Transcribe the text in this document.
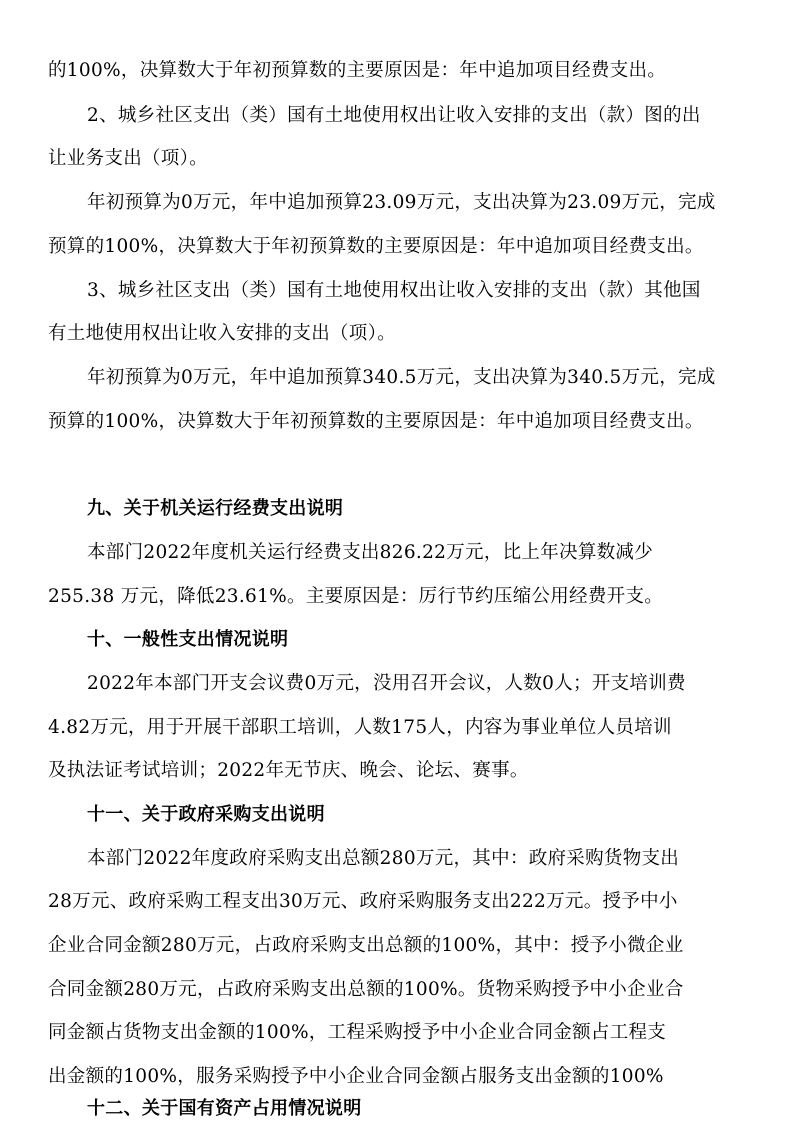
的100%，决算数大于年初预算数的主要原因是：年中追加项目经费支出。
2、城乡社区支出（类）国有土地使用权出让收入安排的支出（款）图的出
让业务支出（项）。
年初预算为0万元，年中追加预算23.09万元，支出决算为23.09万元，完成
预算的100%，决算数大于年初预算数的主要原因是：年中追加项目经费支出。
3、城乡社区支出（类）国有土地使用权出让收入安排的支出（款）其他国
有土地使用权出让收入安排的支出（项）。
年初预算为0万元，年中追加预算340.5万元，支出决算为340.5万元，完成
预算的100%，决算数大于年初预算数的主要原因是：年中追加项目经费支出。
九、关于机关运行经费支出说明
本部门2022年度机关运行经费支出826.22万元，比上年决算数减少
255.38 万元，降低23.61%。主要原因是：厉行节约压缩公用经费开支。
十、一般性支出情况说明
2022年本部门开支会议费0万元，没用召开会议，人数0人；开支培训费
4.82万元，用于开展干部职工培训，人数175人，内容为事业单位人员培训
及执法证考试培训；2022年无节庆、晚会、论坛、赛事。
十一、关于政府采购支出说明
本部门2022年度政府采购支出总额280万元，其中：政府采购货物支出
28万元、政府采购工程支出30万元、政府采购服务支出222万元。授予中小
企业合同金额280万元，占政府采购支出总额的100%，其中：授予小微企业
合同金额280万元，占政府采购支出总额的100%。货物采购授予中小企业合
同金额占货物支出金额的100%，工程采购授予中小企业合同金额占工程支
出金额的100%，服务采购授予中小企业合同金额占服务支出金额的100%
十二、关于国有资产占用情况说明
